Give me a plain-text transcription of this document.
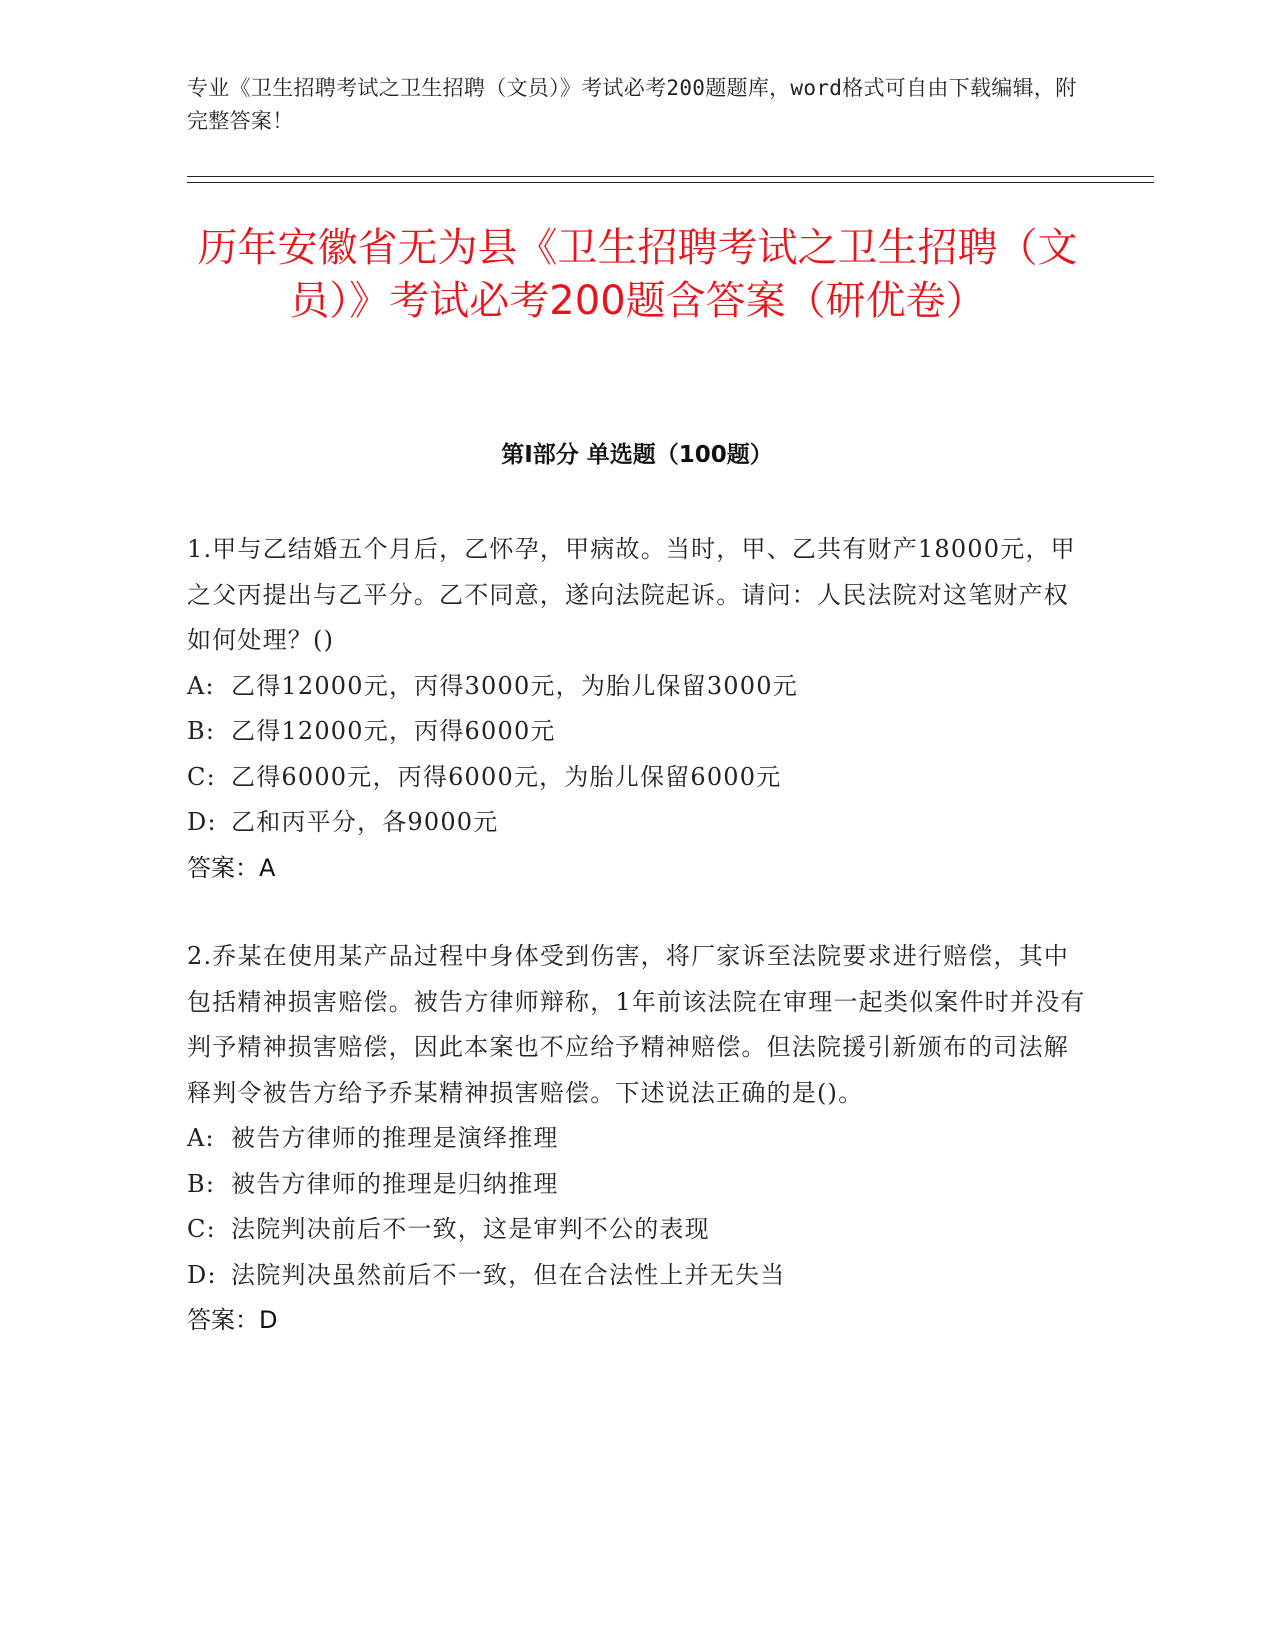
专业《卫生招聘考试之卫生招聘（文员）》考试必考200题题库，word格式可自由下载编辑，附完整答案！
历年安徽省无为县《卫生招聘考试之卫生招聘（文员）》考试必考200题含答案（研优卷）
第I部分 单选题（100题）

1.甲与乙结婚五个月后，乙怀孕，甲病故。当时，甲、乙共有财产18000元，甲之父丙提出与乙平分。乙不同意，遂向法院起诉。请问：人民法院对这笔财产权如何处理？()

A: 乙得12000元，丙得3000元，为胎儿保留3000元

B: 乙得12000元，丙得6000元

C: 乙得6000元，丙得6000元，为胎儿保留6000元

D: 乙和丙平分，各9000元

答案：A

2.乔某在使用某产品过程中身体受到伤害，将厂家诉至法院要求进行赔偿，其中包括精神损害赔偿。被告方律师辩称，1年前该法院在审理一起类似案件时并没有判予精神损害赔偿，因此本案也不应给予精神赔偿。但法院援引新颁布的司法解释判令被告方给予乔某精神损害赔偿。下述说法正确的是()。

A: 被告方律师的推理是演绎推理

B: 被告方律师的推理是归纳推理

C: 法院判决前后不一致，这是审判不公的表现

D: 法院判决虽然前后不一致，但在合法性上并无失当

答案：D
